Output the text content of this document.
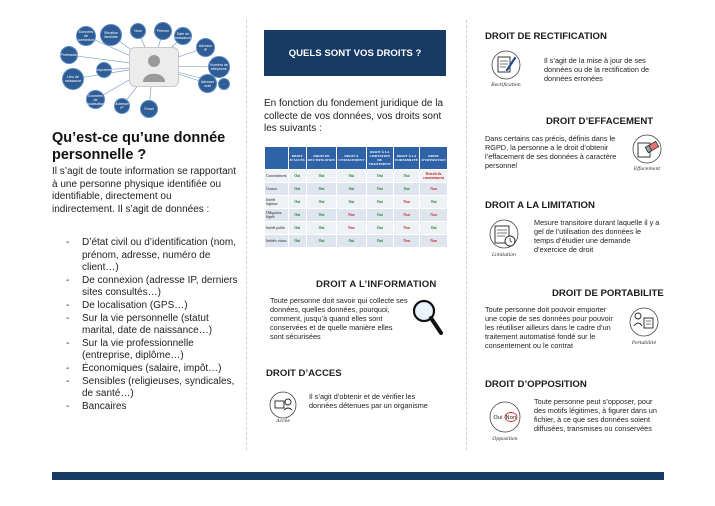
Données de connexion
Situation familiale
Nom	Prénom
Date de naissance
Adresse IP
Numéro de téléphone
Adresse mail
Email
Adresse IP
Données de localisation
Lieu de naissance
Profession
Empreintes
...
Qu’est-ce qu’une donnée personnelle ?
Il s’agit de toute information se rapportant à une personne physique identifiée ou identifiable, directement ou indirectement. Il s’agit de données :
- D’état civil ou d’identification (nom, prénom, adresse, numéro de client…)
- De connexion (adresse IP, derniers sites consultés…)
- De localisation (GPS…)
- Sur la vie personnelle (statut marital, date de naissance…)
- Sur la vie professionnelle (entreprise, diplôme…)
- Économiques (salaire, impôt…)
- Sensibles (religieuses, syndicales, de santé…)
- Bancaires
QUELS SONT VOS DROITS ?
En fonction du fondement juridique de la collecte de vos données, vos droits sont les suivants :
	DROIT D’ACCÈS	DROIT DE RECTIFICATION	DROIT À L’EFFACEMENT	DROIT À LA LIMITATION DU TRAITEMENT	DROIT À LA PORTABILITÉ	DROIT D’OPPOSITION
Consentement	Oui	Oui	Oui	Oui	Oui	Retrait du consentement
Contrat	Oui	Oui	Oui	Oui	Oui	Non
Intérêt légitime	Oui	Oui	Oui	Oui	Non	Oui
Obligation légale	Oui	Oui	Non	Oui	Non	Non
Intérêt public	Oui	Oui	Non	Oui	Non	Oui
Intérêts vitaux	Oui	Oui	Oui	Oui	Non	Non
DROIT A L’INFORMATION
Toute personne doit savoir qui collecte ses données, quelles données, pourquoi, comment, jusqu’à quand elles sont conservées et de quelle manière elles sont sécurisées
DROIT D’ACCES
Il s’agit d’obtenir et de vérifier les données détenues par un organisme
Accès
DROIT DE RECTIFICATION
Il s’agit de la mise à jour de ses données ou de la rectification de données erronées
Rectification
DROIT D’EFFACEMENT
Dans certains cas précis, définis dans le RGPD, la personne a le droit d’obtenir l’effacement de ses données à caractère personnel	Effacement
DROIT A LA LIMITATION
Mesure transitoire durant laquelle il y a gel de l’utilisation des données le temps d’étudier une demande d’exercice de droit
Limitation
DROIT DE PORTABILITE
Toute personne doit pouvoir emporter une copie de ses données pour pouvoir les réutiliser ailleurs dans le cadre d’un traitement automatisé fondé sur le consentement ou le contrat	Portabilité
DROIT D’OPPOSITION
Toute personne peut s’opposer, pour des motifs légitimes, à figurer dans un fichier, à ce que ses données soient diffusées, transmises ou conservées
Oui Non
Opposition
